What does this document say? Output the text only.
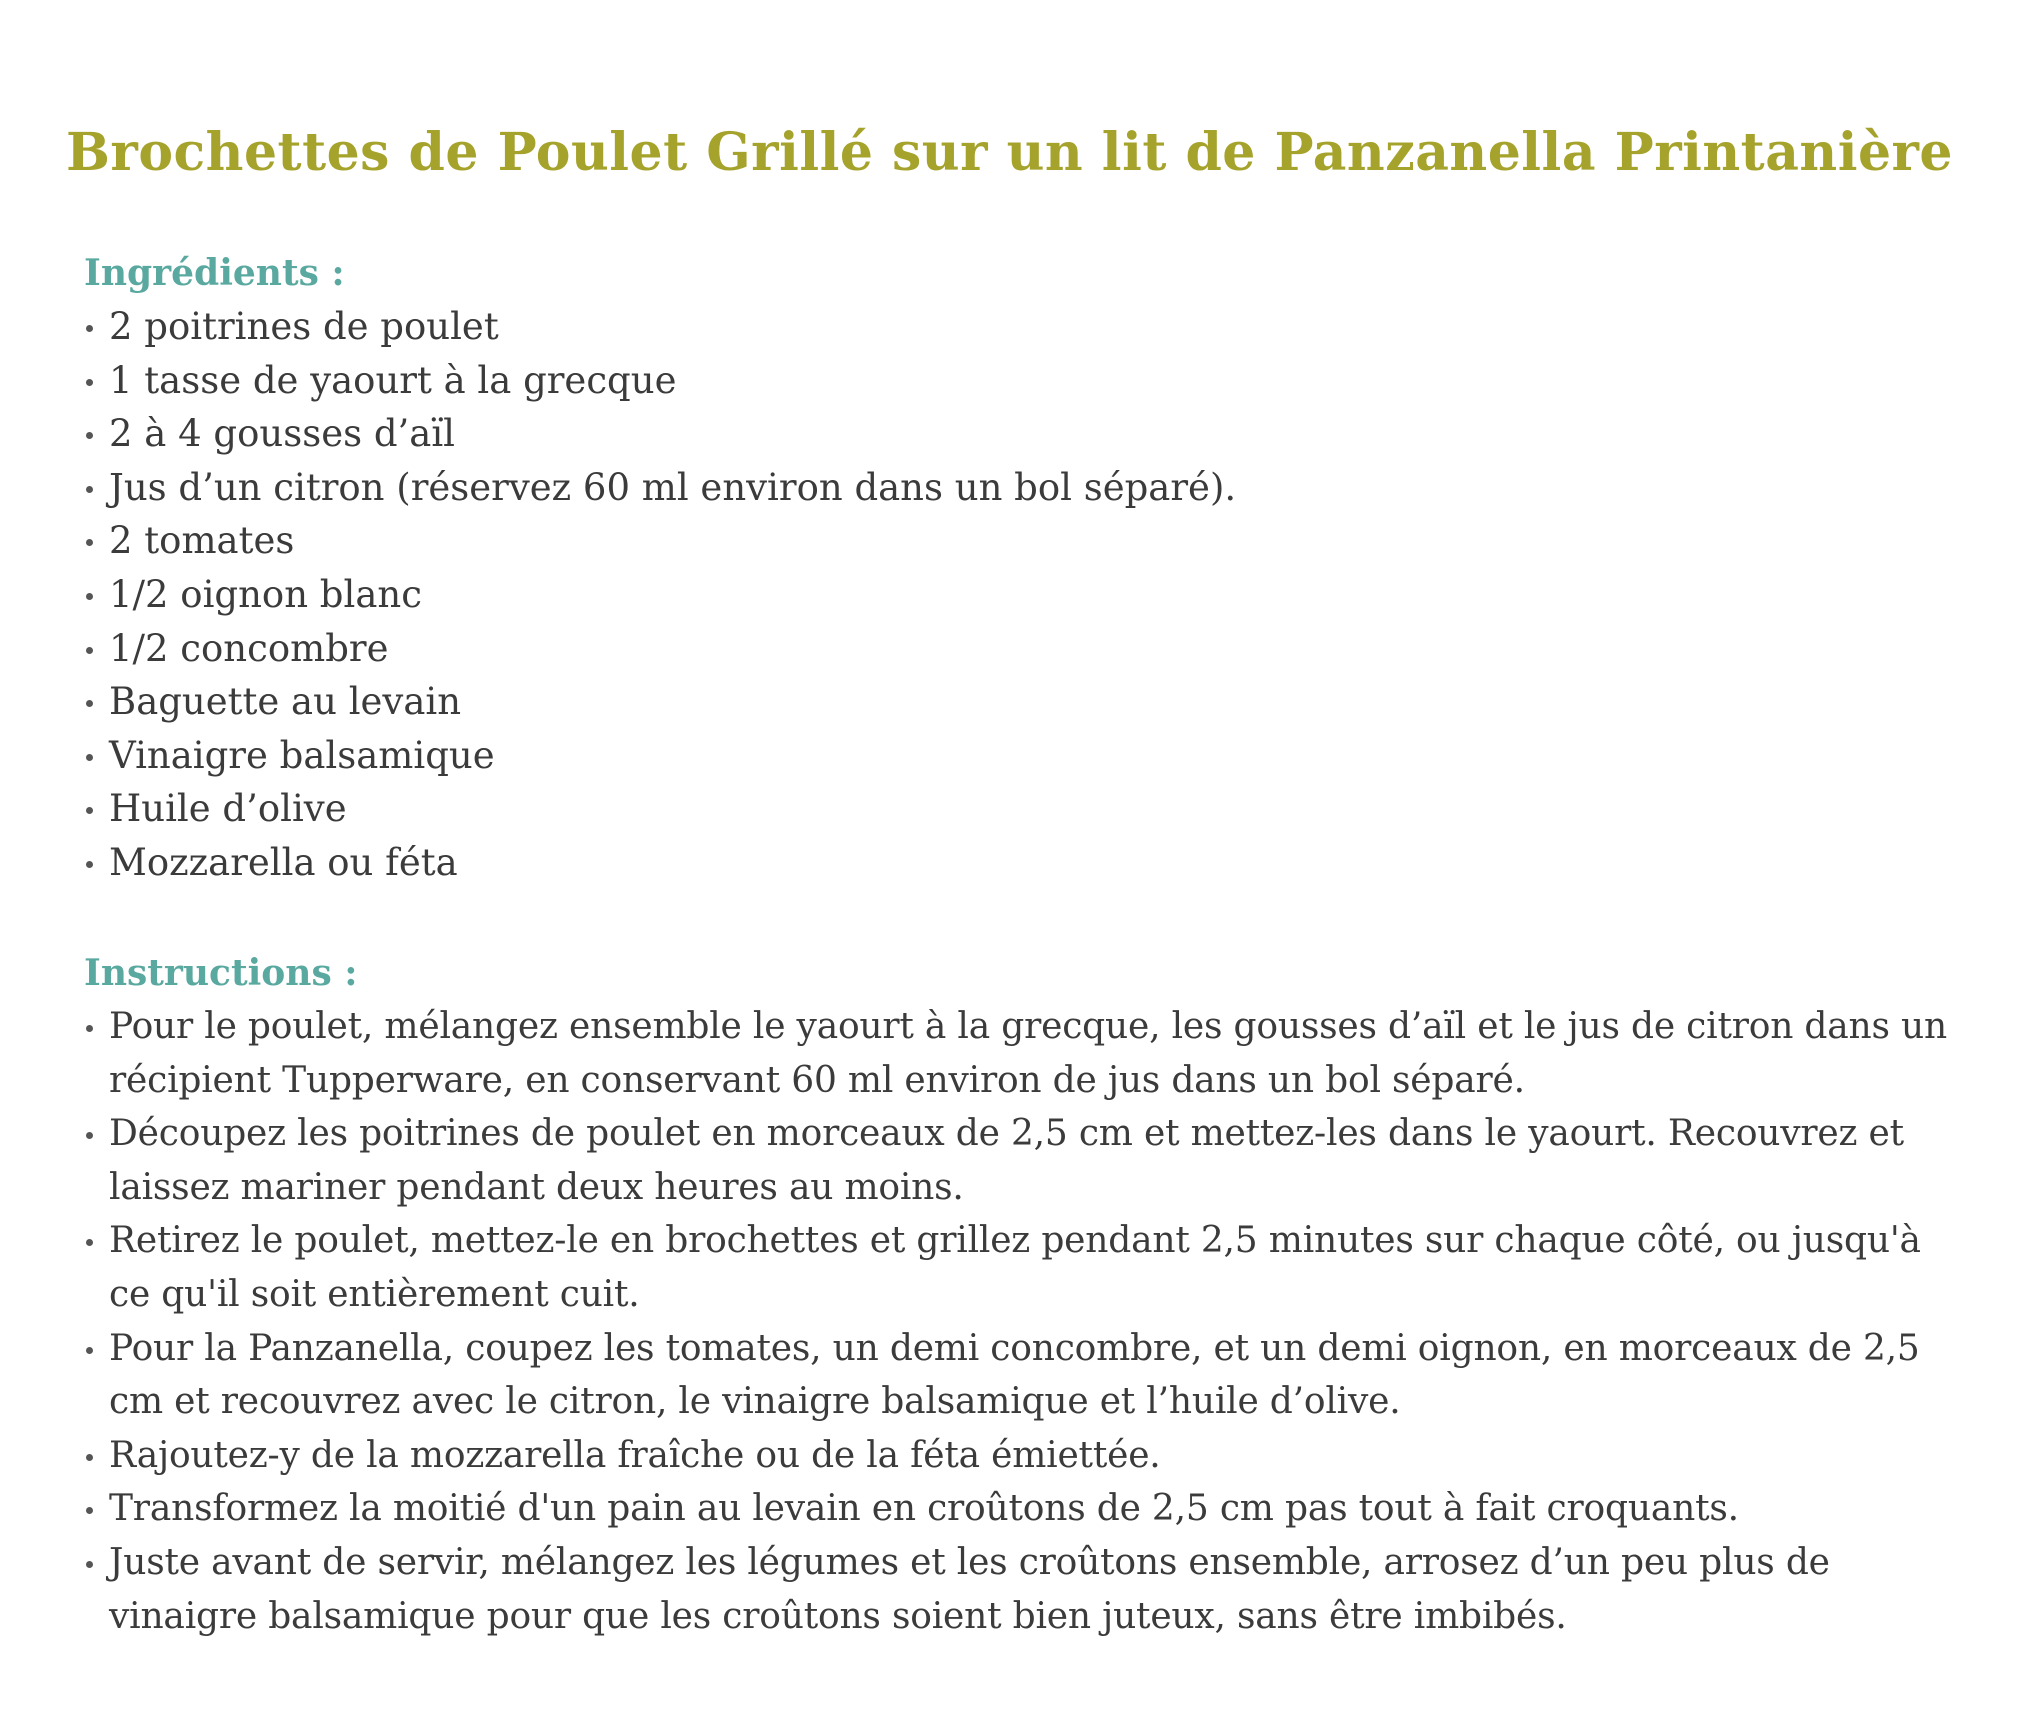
Brochettes de Poulet Grillé sur un lit de Panzanella Printanière
Ingrédients :
2 poitrines de poulet
1 tasse de yaourt à la grecque
2 à 4 gousses d’aïl
Jus d’un citron (réservez 60 ml environ dans un bol séparé).
2 tomates
1/2 oignon blanc
1/2 concombre
Baguette au levain
Vinaigre balsamique
Huile d’olive
Mozzarella ou féta
Instructions :
Pour le poulet, mélangez ensemble le yaourt à la grecque, les gousses d’aïl et le jus de citron dans un récipient Tupperware, en conservant 60 ml environ de jus dans un bol séparé.
Découpez les poitrines de poulet en morceaux de 2,5 cm et mettez-les dans le yaourt. Recouvrez et laissez mariner pendant deux heures au moins.
Retirez le poulet, mettez-le en brochettes et grillez pendant 2,5 minutes sur chaque côté, ou jusqu'à ce qu'il soit entièrement cuit.
Pour la Panzanella, coupez les tomates, un demi concombre, et un demi oignon, en morceaux de 2,5 cm et recouvrez avec le citron, le vinaigre balsamique et l’huile d’olive.
Rajoutez-y de la mozzarella fraîche ou de la féta émiettée.
Transformez la moitié d'un pain au levain en croûtons de 2,5 cm pas tout à fait croquants.
Juste avant de servir, mélangez les légumes et les croûtons ensemble, arrosez d’un peu plus de vinaigre balsamique pour que les croûtons soient bien juteux, sans être imbibés.
